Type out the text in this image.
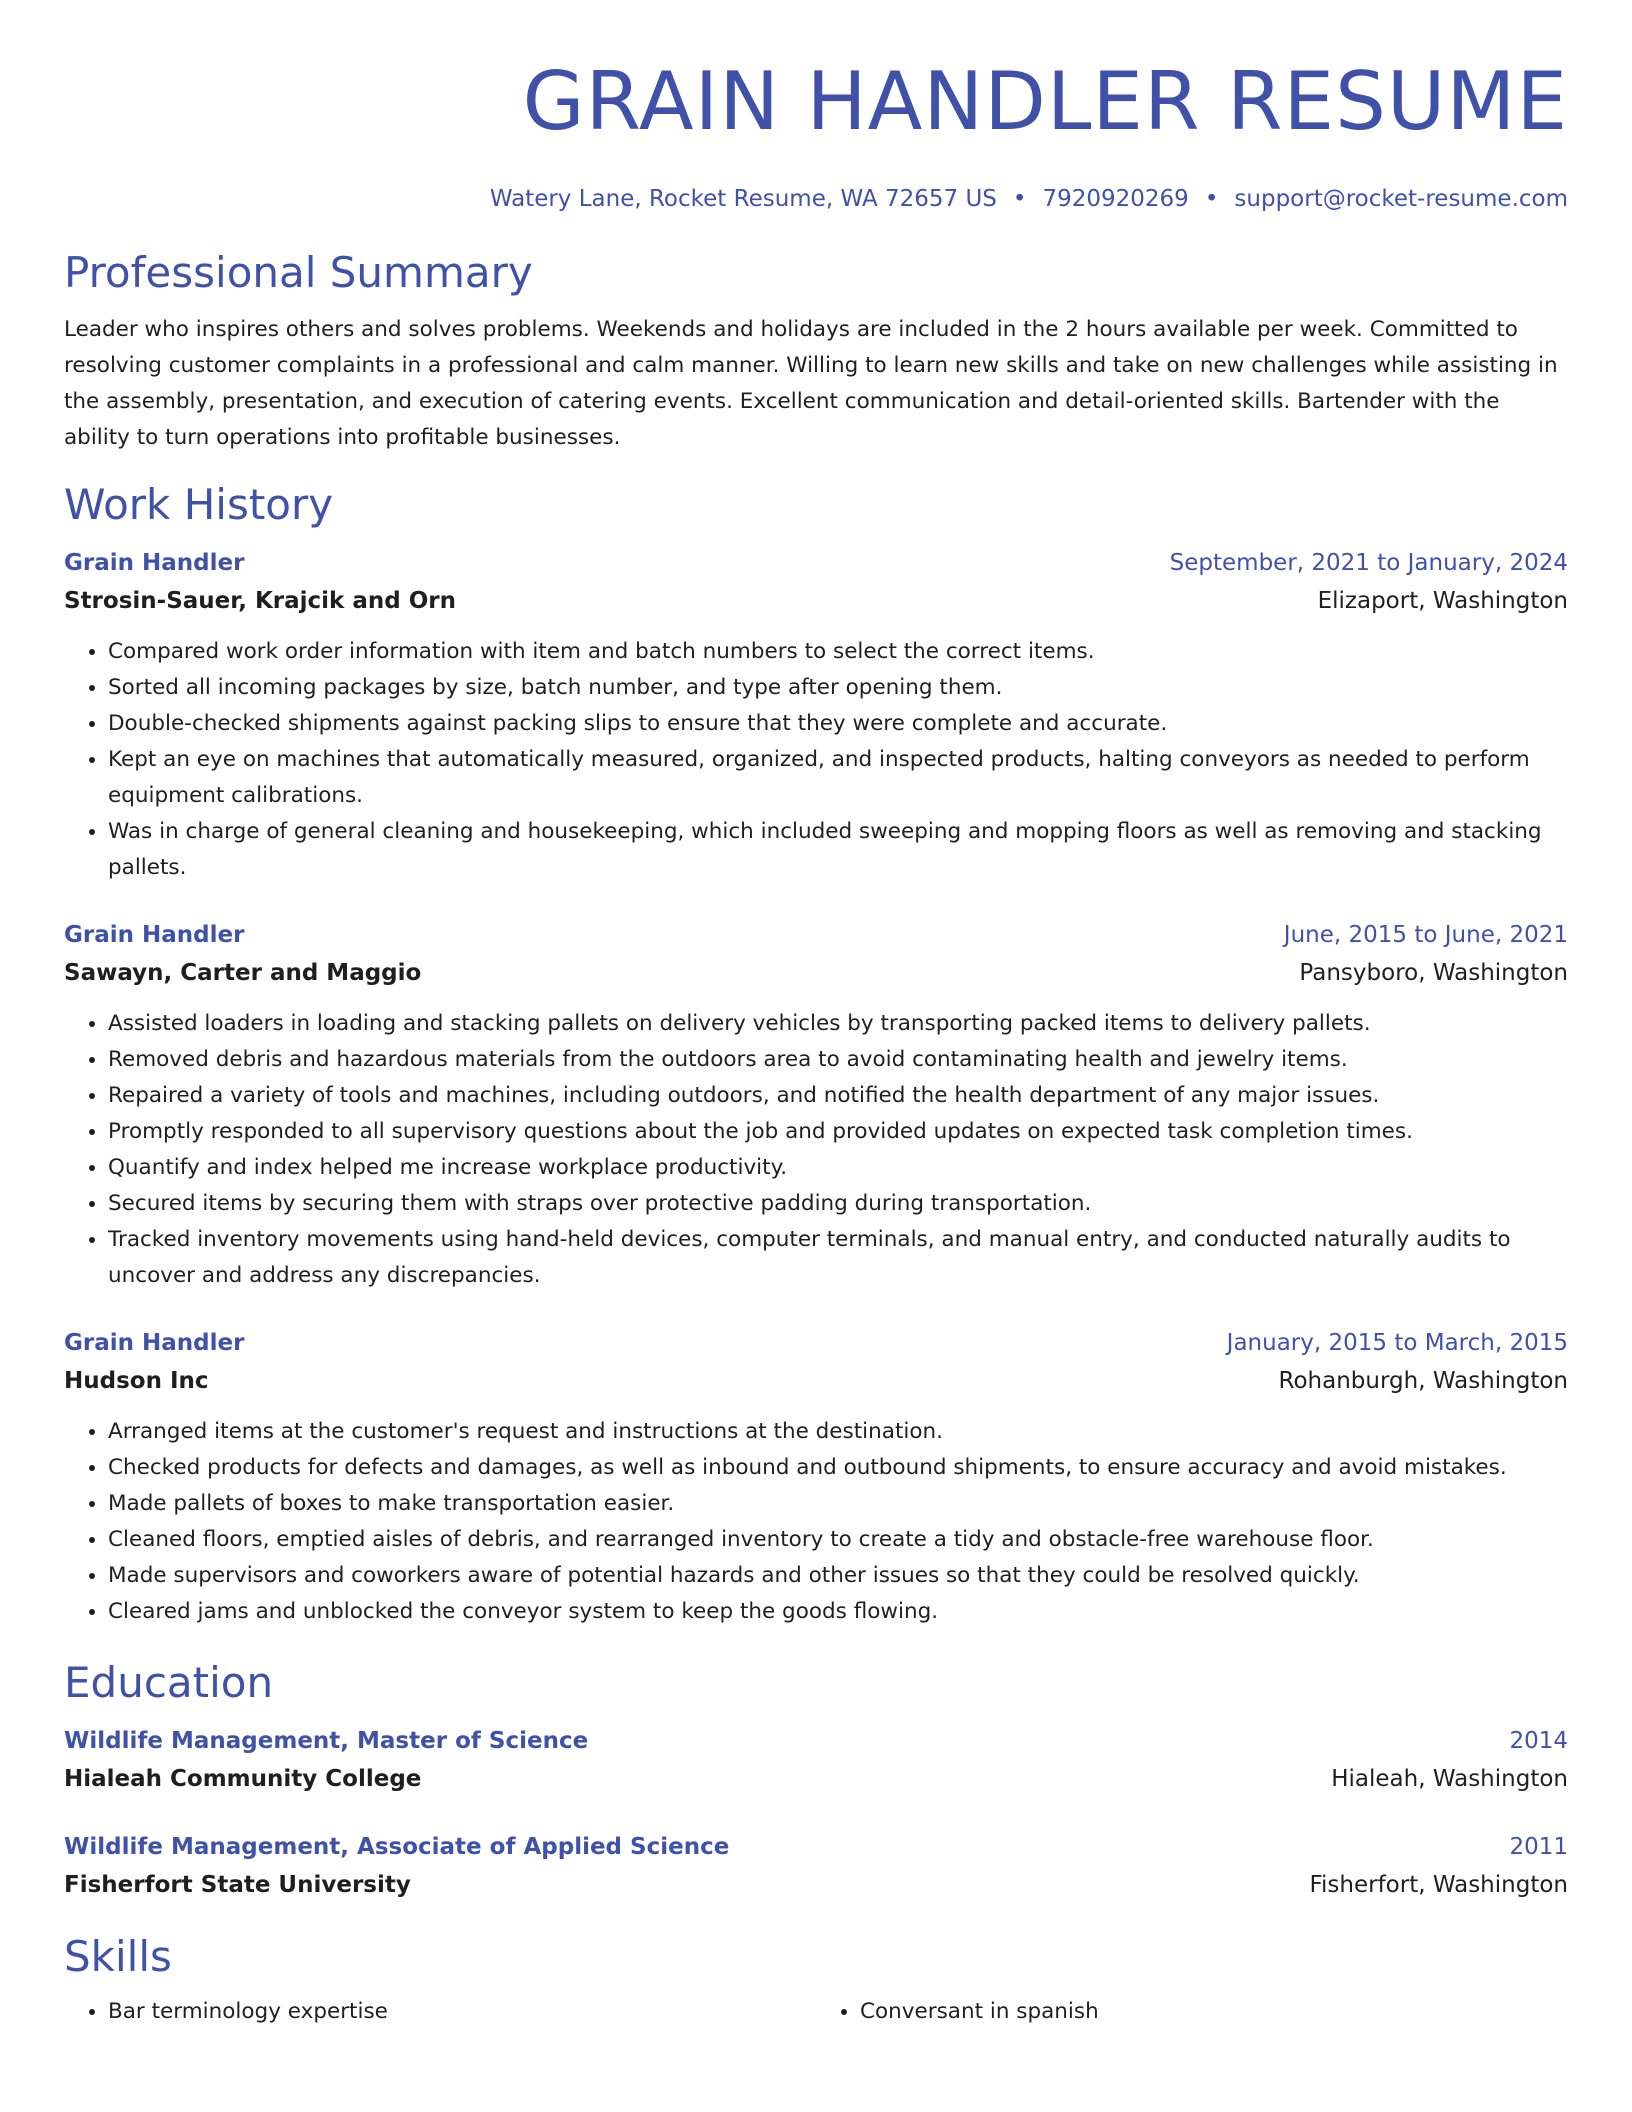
GRAIN HANDLER RESUME
Watery Lane, Rocket Resume, WA 72657 US • 7920920269 • support@rocket-resume.com
Professional Summary

Leader who inspires others and solves problems. Weekends and holidays are included in the 2 hours available per week. Committed to resolving customer complaints in a professional and calm manner. Willing to learn new skills and take on new challenges while assisting in the assembly, presentation, and execution of catering events. Excellent communication and detail-oriented skills. Bartender with the ability to turn operations into profitable businesses.

Work History
Grain Handler	September, 2021 to January, 2024
Strosin-Sauer, Krajcik and Orn	Elizaport, Washington
• Compared work order information with item and batch numbers to select the correct items.
• Sorted all incoming packages by size, batch number, and type after opening them.
• Double-checked shipments against packing slips to ensure that they were complete and accurate.
• Kept an eye on machines that automatically measured, organized, and inspected products, halting conveyors as needed to perform equipment calibrations.
• Was in charge of general cleaning and housekeeping, which included sweeping and mopping floors as well as removing and stacking pallets.
Grain Handler	June, 2015 to June, 2021
Sawayn, Carter and Maggio	Pansyboro, Washington
• Assisted loaders in loading and stacking pallets on delivery vehicles by transporting packed items to delivery pallets.
• Removed debris and hazardous materials from the outdoors area to avoid contaminating health and jewelry items.
• Repaired a variety of tools and machines, including outdoors, and notified the health department of any major issues.
• Promptly responded to all supervisory questions about the job and provided updates on expected task completion times.
• Quantify and index helped me increase workplace productivity.
• Secured items by securing them with straps over protective padding during transportation.
• Tracked inventory movements using hand-held devices, computer terminals, and manual entry, and conducted naturally audits to uncover and address any discrepancies.
Grain Handler	January, 2015 to March, 2015
Hudson Inc	Rohanburgh, Washington
• Arranged items at the customer's request and instructions at the destination.
• Checked products for defects and damages, as well as inbound and outbound shipments, to ensure accuracy and avoid mistakes.
• Made pallets of boxes to make transportation easier.
• Cleaned floors, emptied aisles of debris, and rearranged inventory to create a tidy and obstacle-free warehouse floor.
• Made supervisors and coworkers aware of potential hazards and other issues so that they could be resolved quickly.
• Cleared jams and unblocked the conveyor system to keep the goods flowing.
Education
Wildlife Management, Master of Science	2014
Hialeah Community College	Hialeah, Washington
Wildlife Management, Associate of Applied Science	2011
Fisherfort State University	Fisherfort, Washington
Skills
• Bar terminology expertise
•	Conversant in spanish
